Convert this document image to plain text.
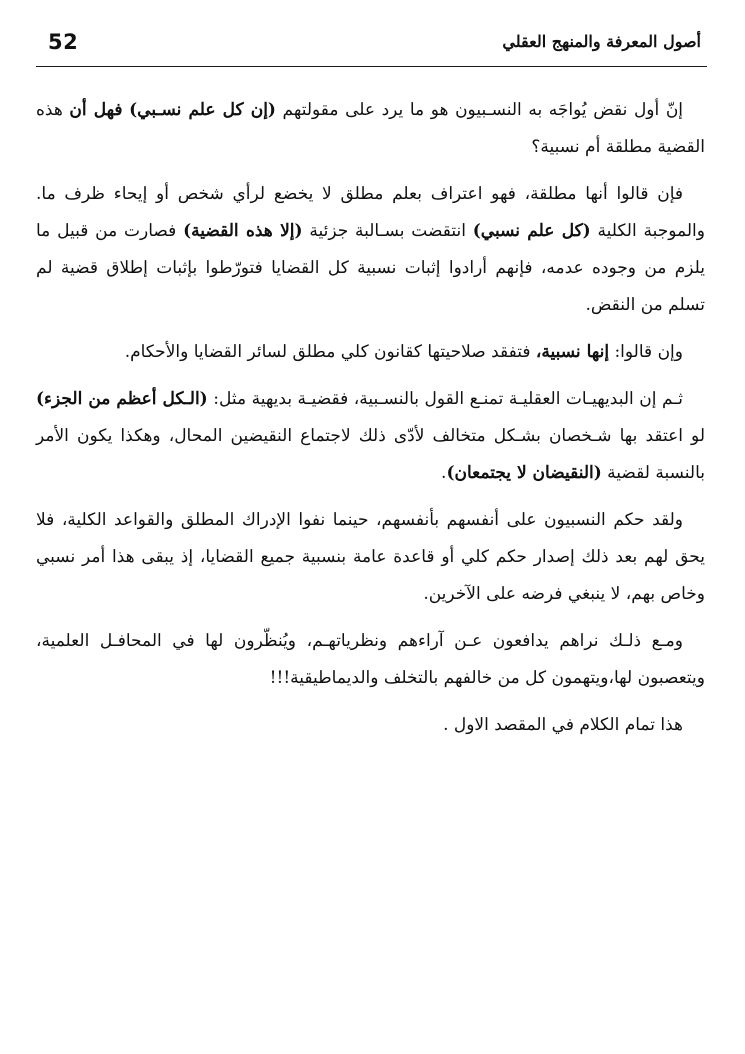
52	أصول المعرفة والمنهج العقلي

إنّ أول نقض يُواجَه به النسـبيون هو ما يرد على مقولتهم (إن كل علم نسـبي) فهل أن هذه القضية مطلقة أم نسبية؟

فإن قالوا أنها مطلقة، فهو اعتراف بعلم مطلق لا يخضع لرأي شخص أو إيحاء ظرف ما. والموجبة الكلية (كل علم نسبي) انتقضت بسـالبة جزئية (إلا هذه القضية) فصارت من قبيل ما يلزم من وجوده عدمه، فإنهم أرادوا إثبات نسبية كل القضايا فتورّطوا بإثبات إطلاق قضية لم تسلم من النقض.

وإن قالوا: إنها نسبية، فتفقد صلاحيتها كقانون كلي مطلق لسائر القضايا والأحكام.

ثـم إن البديهيـات العقليـة تمنـع القول بالنسـبية، فقضيـة بديهية مثل: (الـكل أعظم من الجزء) لو اعتقد بها شـخصان بشـكل متخالف لأدّى ذلك لاجتماع النقيضين المحال، وهكذا يكون الأمر بالنسبة لقضية (النقيضان لا يجتمعان).

ولقد حكم النسبيون على أنفسهم بأنفسهم، حينما نفوا الإدراك المطلق والقواعد الكلية، فلا يحق لهم بعد ذلك إصدار حكم كلي أو قاعدة عامة بنسبية جميع القضايا، إذ يبقى هذا أمر نسبي وخاص بهم، لا ينبغي فرضه على الآخرين.

ومـع ذلـك نراهم يدافعون عـن آراءهم ونظرياتهـم، ويُنظّرون لها في المحافـل العلمية، ويتعصبون لها،ويتهمون كل من خالفهم بالتخلف والديماطيقية!!!

هذا تمام الكلام في المقصد الاول .
